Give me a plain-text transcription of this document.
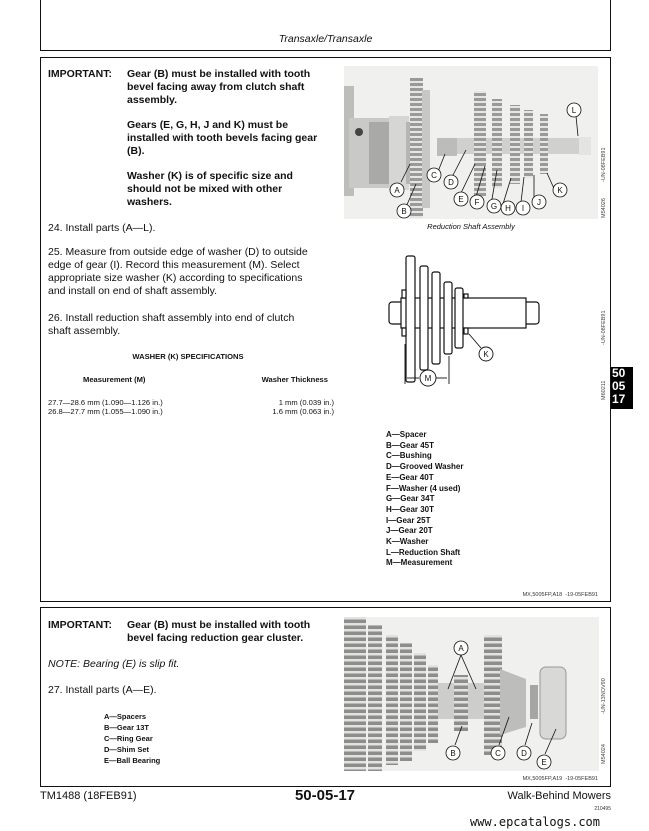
Transaxle/Transaxle
IMPORTANT: Gear (B) must be installed with tooth
bevel facing away from clutch shaft
assembly.
Gears (E, G, H, J and K) must be
installed with tooth bevels facing gear
(B).
Washer (K) is of specific size and
should not be mixed with other
washers.
24. Install parts (A—L).
25. Measure from outside edge of washer (D) to outside
edge of gear (I). Record this measurement (M). Select
appropriate size washer (K) according to specifications
and install on end of shaft assembly.
26. Install reduction shaft assembly into end of clutch
shaft assembly.
WASHER (K) SPECIFICATIONS
Measurement (M)	Washer Thickness
27.7—28.6 mm (1.090—1.126 in.)	1 mm (0.039 in.)
26.8—27.7 mm (1.055—1.090 in.)	1.6 mm (0.063 in.)
A
B
C
D
E F G H I
J
K
L
-UN-08FEB91
M54026
Reduction Shaft Assembly
M
K
-UN-08FEB91
M60211
50
05
17
A—Spacer
B—Gear 45T
C—Bushing
D—Grooved Washer
E—Gear 40T
F—Washer (4 used)
G—Gear 34T
H—Gear 30T
I—Gear 25T
J—Gear 20T
K—Washer
L—Reduction Shaft
M—Measurement
MX,5005FP,A18  -19-05FEB91
IMPORTANT: Gear (B) must be installed with tooth
bevel facing reduction gear cluster.
NOTE: Bearing (E) is slip fit.
27. Install parts (A—E).
A—Spacers
B—Gear 13T
C—Ring Gear
D—Shim Set
E—Ball Bearing
A
B	C	D
E
-UN-13NOV90
M54024
MX,5005FP,A19  -19-05FEB91
TM1488 (18FEB91)	50-05-17	Walk-Behind Mowers
210495
www.epcatalogs.com
